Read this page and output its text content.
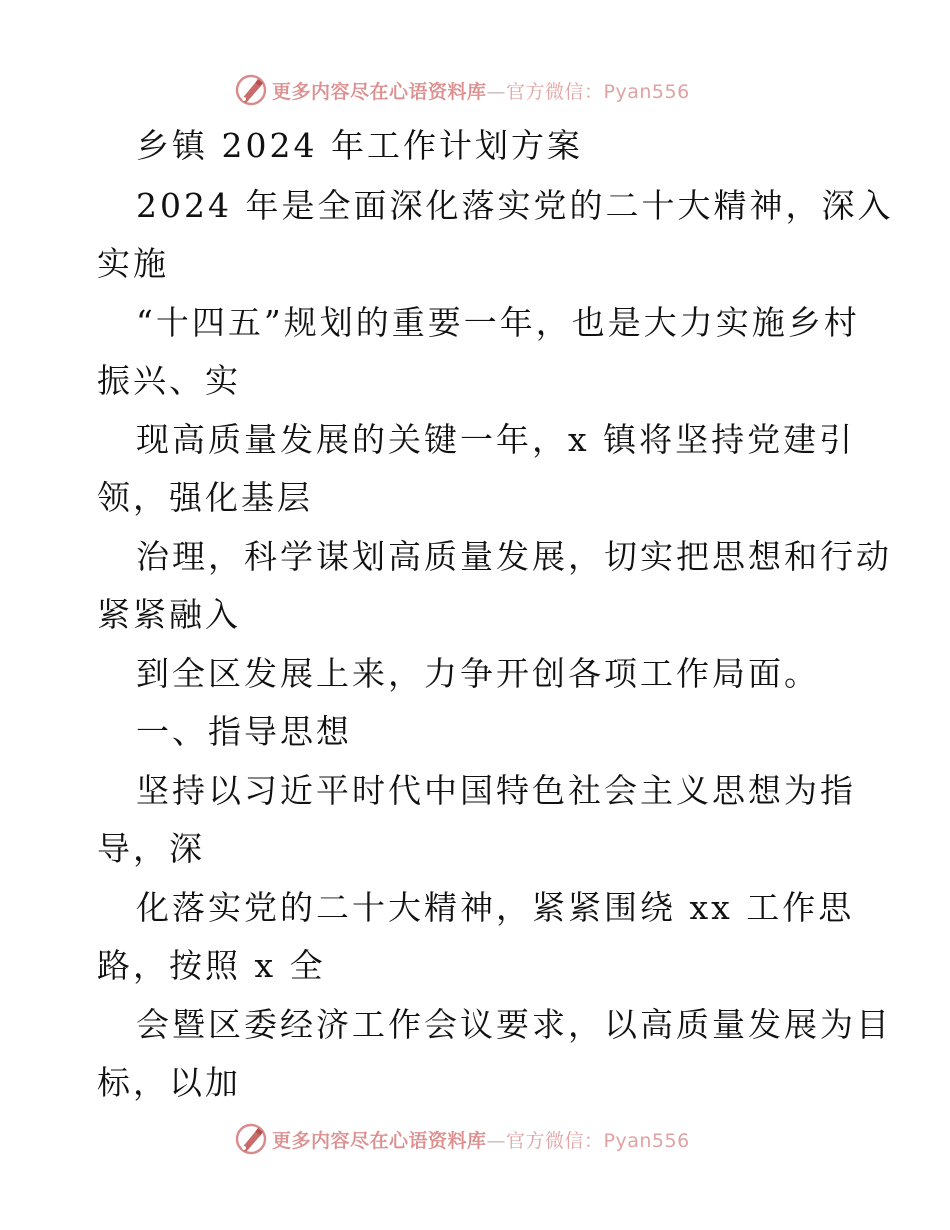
更多内容尽在心语资料库—官方微信：Pyan556
乡镇 2024 年工作计划方案
2024 年是全面深化落实党的二十大精神，深入
实施
“十四五”规划的重要一年，也是大力实施乡村
振兴、实
现高质量发展的关键一年，x 镇将坚持党建引
领，强化基层
治理，科学谋划高质量发展，切实把思想和行动
紧紧融入
到全区发展上来，力争开创各项工作局面。
一、指导思想
坚持以习近平时代中国特色社会主义思想为指
导，深
化落实党的二十大精神，紧紧围绕 xx 工作思
路，按照 x 全
会暨区委经济工作会议要求，以高质量发展为目
标，以加
更多内容尽在心语资料库—官方微信：Pyan556
